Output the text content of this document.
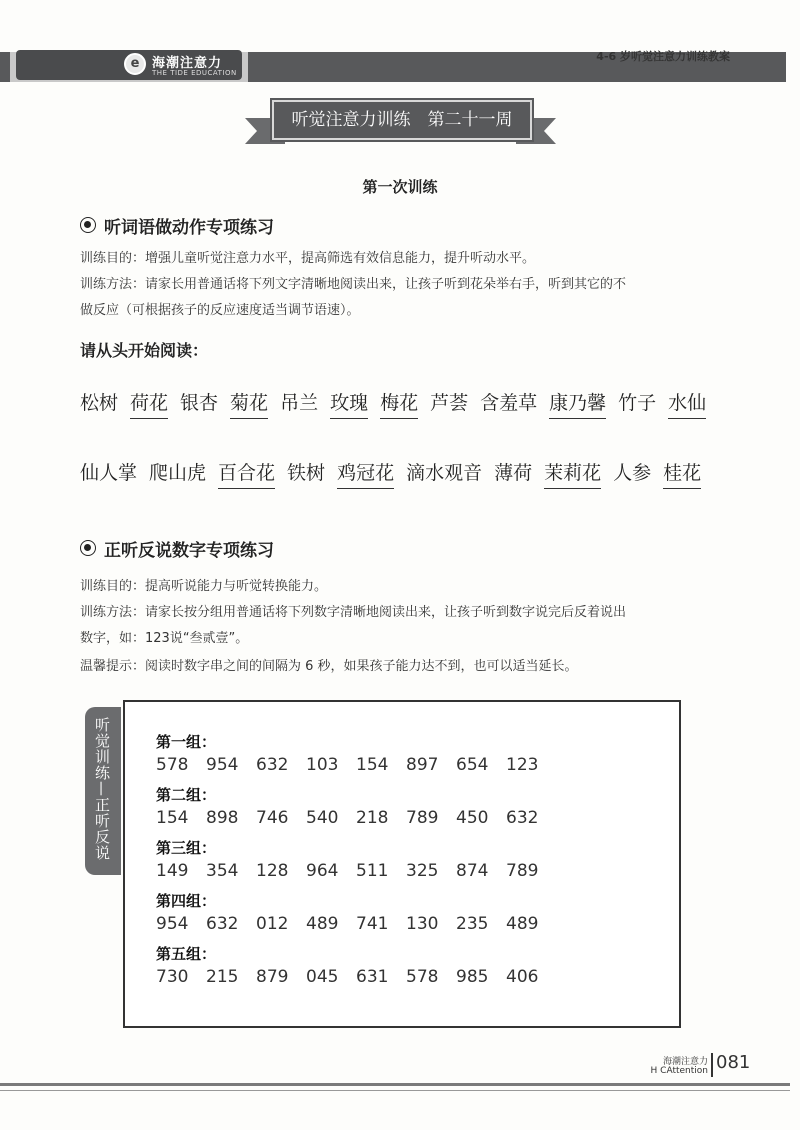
e 海潮注意力
THE TIDE EDUCATION
4-6 岁听觉注意力训练教案
听觉注意力训练　第二十一周
第一次训练
听词语做动作专项练习
训练目的：增强儿童听觉注意力水平，提高筛选有效信息能力，提升听动水平。
训练方法：请家长用普通话将下列文字清晰地阅读出来，让孩子听到花朵举右手，听到其它的不
做反应（可根据孩子的反应速度适当调节语速）。
请从头开始阅读：
松树 荷花 银杏 菊花 吊兰 玫瑰 梅花 芦荟 含羞草 康乃馨 竹子 水仙
仙人掌 爬山虎 百合花 铁树 鸡冠花 滴水观音 薄荷 茉莉花 人参 桂花
正听反说数字专项练习
训练目的：提高听说能力与听觉转换能力。
训练方法：请家长按分组用普通话将下列数字清晰地阅读出来，让孩子听到数字说完后反着说出
数字，如：123说“叁贰壹”。
温馨提示：阅读时数字串之间的间隔为 6 秒，如果孩子能力达不到，也可以适当延长。
听觉训练—正听反说	第一组：
578 954 632 103 154 897 654 123
第二组：
154 898 746 540 218 789 450 632
第三组：
149 354 128 964 511 325 874 789
第四组：
954 632 012 489 741 130 235 489
第五组：
730 215 879 045 631 578 985 406
海潮注意力
H CAttention 081
